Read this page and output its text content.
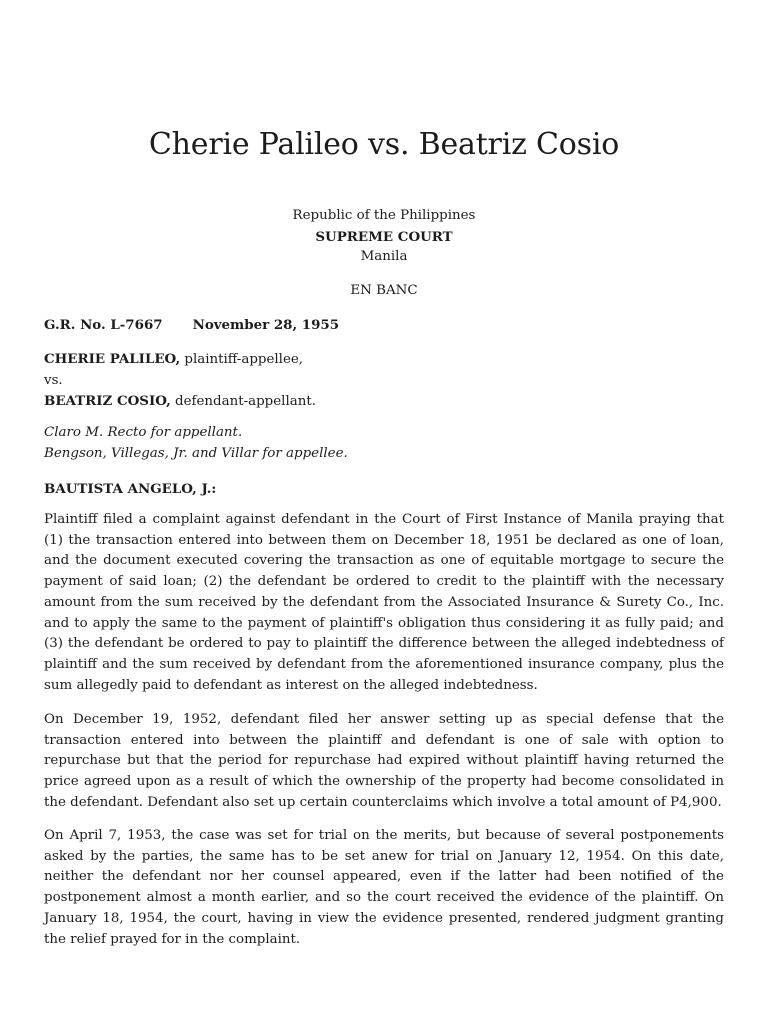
Cherie Palileo vs. Beatriz Cosio
Republic of the Philippines
SUPREME COURT
Manila
EN BANC
G.R. No. L-7667 November 28, 1955
CHERIE PALILEO, plaintiff-appellee,
vs.
BEATRIZ COSIO, defendant-appellant.
Claro M. Recto for appellant.
Bengson, Villegas, Jr. and Villar for appellee.
BAUTISTA ANGELO, J.:

Plaintiff filed a complaint against defendant in the Court of First Instance of Manila praying that (1) the transaction entered into between them on December 18, 1951 be declared as one of loan, and the document executed covering the transaction as one of equitable mortgage to secure the payment of said loan; (2) the defendant be ordered to credit to the plaintiff with the necessary amount from the sum received by the defendant from the Associated Insurance & Surety Co., Inc. and to apply the same to the payment of plaintiff's obligation thus considering it as fully paid; and (3) the defendant be ordered to pay to plaintiff the difference between the alleged indebtedness of plaintiff and the sum received by defendant from the aforementioned insurance company, plus the sum allegedly paid to defendant as interest on the alleged indebtedness.

On December 19, 1952, defendant filed her answer setting up as special defense that the transaction entered into between the plaintiff and defendant is one of sale with option to repurchase but that the period for repurchase had expired without plaintiff having returned the price agreed upon as a result of which the ownership of the property had become consolidated in the defendant. Defendant also set up certain counterclaims which involve a total amount of P4,900.

On April 7, 1953, the case was set for trial on the merits, but because of several postponements asked by the parties, the same has to be set anew for trial on January 12, 1954. On this date, neither the defendant nor her counsel appeared, even if the latter had been notified of the postponement almost a month earlier, and so the court received the evidence of the plaintiff. On January 18, 1954, the court, having in view the evidence presented, rendered judgment granting the relief prayed for in the complaint.
